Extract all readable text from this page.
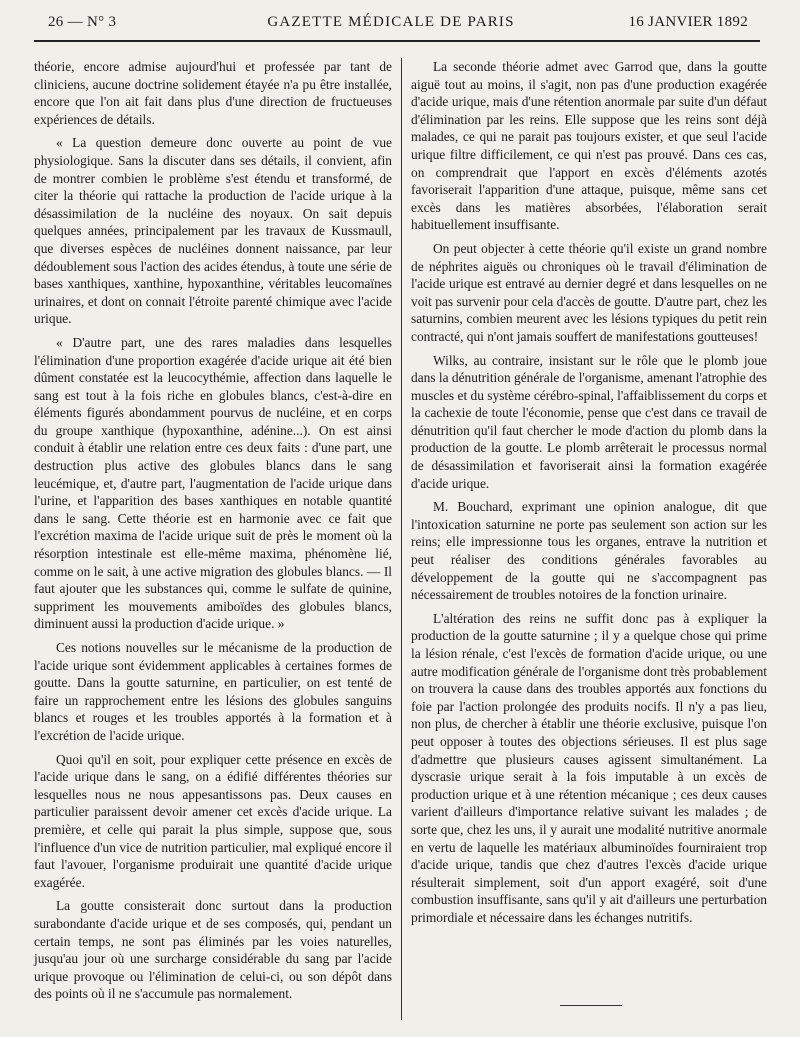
26 — N° 3	GAZETTE MÉDICALE DE PARIS	16 JANVIER 1892

théorie, encore admise aujourd'hui et professée par tant de cliniciens, aucune doctrine solidement étayée n'a pu être installée, encore que l'on ait fait dans plus d'une direction de fructueuses expériences de détails.

« La question demeure donc ouverte au point de vue physiologique. Sans la discuter dans ses détails, il convient, afin de montrer combien le problème s'est étendu et transformé, de citer la théorie qui rattache la production de l'acide urique à la désassimilation de la nucléine des noyaux. On sait depuis quelques années, principalement par les travaux de Kussmaull, que diverses espèces de nucléines donnent naissance, par leur dédoublement sous l'action des acides étendus, à toute une série de bases xanthiques, xanthine, hypoxanthine, véritables leucomaïnes urinaires, et dont on connait l'étroite parenté chimique avec l'acide urique.

« D'autre part, une des rares maladies dans lesquelles l'élimination d'une proportion exagérée d'acide urique ait été bien dûment constatée est la leucocythémie, affection dans laquelle le sang est tout à la fois riche en globules blancs, c'est-à-dire en éléments figurés abondamment pourvus de nucléine, et en corps du groupe xanthique (hypoxanthine, adénine...). On est ainsi conduit à établir une relation entre ces deux faits : d'une part, une destruction plus active des globules blancs dans le sang leucémique, et, d'autre part, l'augmentation de l'acide urique dans l'urine, et l'apparition des bases xanthiques en notable quantité dans le sang. Cette théorie est en harmonie avec ce fait que l'excrétion maxima de l'acide urique suit de près le moment où la résorption intestinale est elle-même maxima, phénomène lié, comme on le sait, à une active migration des globules blancs. — Il faut ajouter que les substances qui, comme le sulfate de quinine, suppriment les mouvements amiboïdes des globules blancs, diminuent aussi la production d'acide urique. »

Ces notions nouvelles sur le mécanisme de la production de l'acide urique sont évidemment applicables à certaines formes de goutte. Dans la goutte saturnine, en particulier, on est tenté de faire un rapprochement entre les lésions des globules sanguins blancs et rouges et les troubles apportés à la formation et à l'excrétion de l'acide urique.

Quoi qu'il en soit, pour expliquer cette présence en excès de l'acide urique dans le sang, on a édifié différentes théories sur lesquelles nous ne nous appesantissons pas. Deux causes en particulier paraissent devoir amener cet excès d'acide urique. La première, et celle qui parait la plus simple, suppose que, sous l'influence d'un vice de nutrition particulier, mal expliqué encore il faut l'avouer, l'organisme produirait une quantité d'acide urique exagérée.

La goutte consisterait donc surtout dans la production surabondante d'acide urique et de ses composés, qui, pendant un certain temps, ne sont pas éliminés par les voies naturelles, jusqu'au jour où une surcharge considérable du sang par l'acide urique provoque ou l'élimination de celui-ci, ou son dépôt dans des points où il ne s'accumule pas normalement.

La seconde théorie admet avec Garrod que, dans la goutte aiguë tout au moins, il s'agit, non pas d'une production exagérée d'acide urique, mais d'une rétention anormale par suite d'un défaut d'élimination par les reins. Elle suppose que les reins sont déjà malades, ce qui ne parait pas toujours exister, et que seul l'acide urique filtre difficilement, ce qui n'est pas prouvé. Dans ces cas, on comprendrait que l'apport en excès d'éléments azotés favoriserait l'apparition d'une attaque, puisque, même sans cet excès dans les matières absorbées, l'élaboration serait habituellement insuffisante.

On peut objecter à cette théorie qu'il existe un grand nombre de néphrites aiguës ou chroniques où le travail d'élimination de l'acide urique est entravé au dernier degré et dans lesquelles on ne voit pas survenir pour cela d'accès de goutte. D'autre part, chez les saturnins, combien meurent avec les lésions typiques du petit rein contracté, qui n'ont jamais souffert de manifestations goutteuses!

Wilks, au contraire, insistant sur le rôle que le plomb joue dans la dénutrition générale de l'organisme, amenant l'atrophie des muscles et du système cérébro-spinal, l'affaiblissement du corps et la cachexie de toute l'économie, pense que c'est dans ce travail de dénutrition qu'il faut chercher le mode d'action du plomb dans la production de la goutte. Le plomb arrêterait le processus normal de désassimilation et favoriserait ainsi la formation exagérée d'acide urique.

M. Bouchard, exprimant une opinion analogue, dit que l'intoxication saturnine ne porte pas seulement son action sur les reins; elle impressionne tous les organes, entrave la nutrition et peut réaliser des conditions générales favorables au développement de la goutte qui ne s'accompagnent pas nécessairement de troubles notoires de la fonction urinaire.

L'altération des reins ne suffit donc pas à expliquer la production de la goutte saturnine ; il y a quelque chose qui prime la lésion rénale, c'est l'excès de formation d'acide urique, ou une autre modification générale de l'organisme dont très probablement on trouvera la cause dans des troubles apportés aux fonctions du foie par l'action prolongée des produits nocifs. Il n'y a pas lieu, non plus, de chercher à établir une théorie exclusive, puisque l'on peut opposer à toutes des objections sérieuses. Il est plus sage d'admettre que plusieurs causes agissent simultanément. La dyscrasie urique serait à la fois imputable à un excès de production urique et à une rétention mécanique ; ces deux causes varient d'ailleurs d'importance relative suivant les malades ; de sorte que, chez les uns, il y aurait une modalité nutritive anormale en vertu de laquelle les matériaux albuminoïdes fourniraient trop d'acide urique, tandis que chez d'autres l'excès d'acide urique résulterait simplement, soit d'un apport exagéré, soit d'une combustion insuffisante, sans qu'il y ait d'ailleurs une perturbation primordiale et nécessaire dans les échanges nutritifs.
